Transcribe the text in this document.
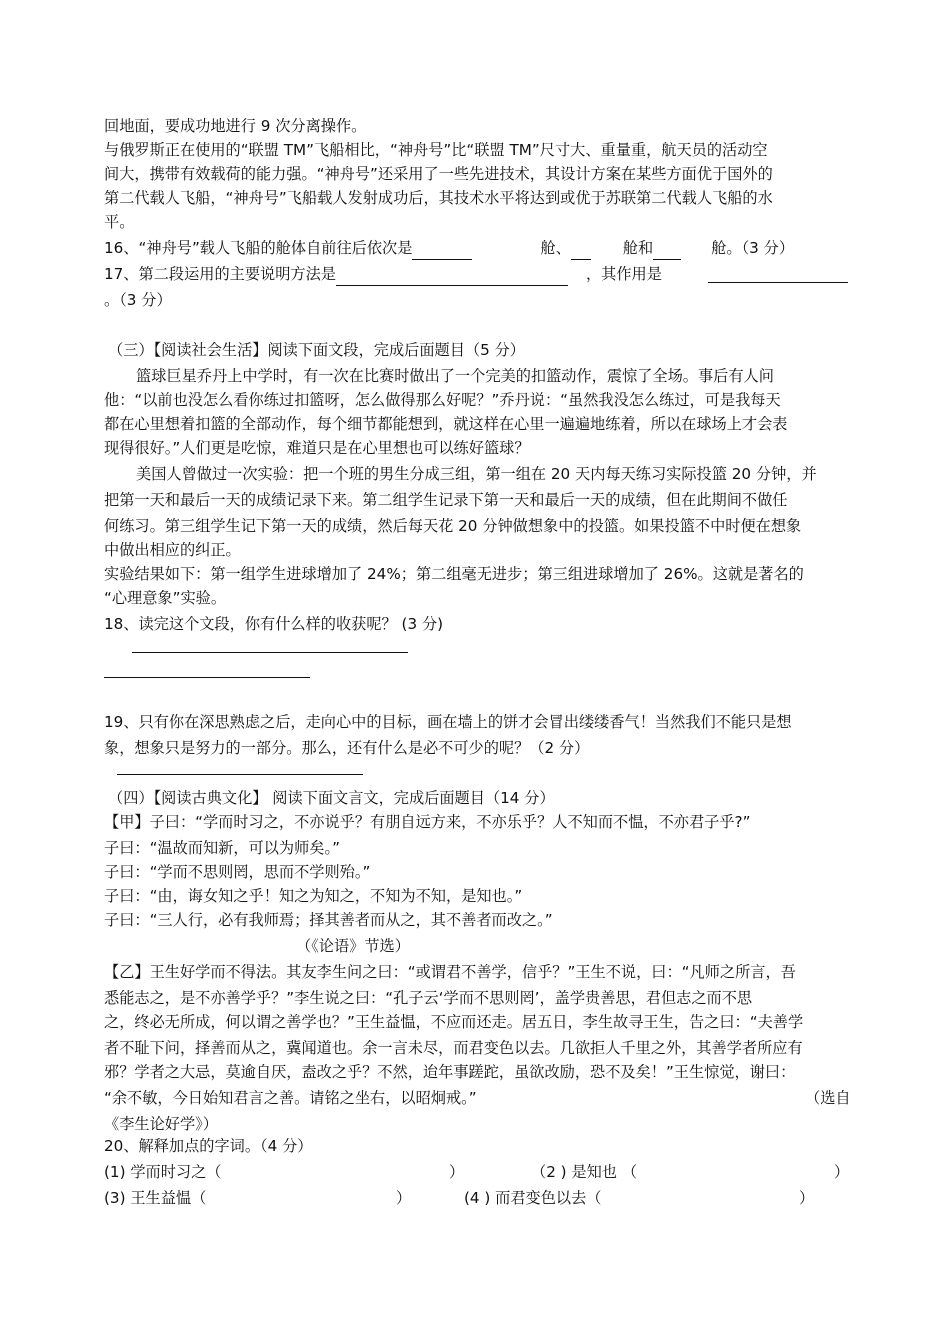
回地面，要成功地进行 9 次分离操作。
与俄罗斯正在使用的“联盟 TM”飞船相比，“神舟号”比“联盟 TM”尺寸大、重量重，航天员的活动空
间大，携带有效载荷的能力强。“神舟号”还采用了一些先进技术，其设计方案在某些方面优于国外的
第二代载人飞船，“神舟号”飞船载人发射成功后，其技术水平将达到或优于苏联第二代载人飞船的水
平。
16、“神舟号”载人飞船的舱体自前往后依次是	舱、	舱和	舱。（3 分）
17、第二段运用的主要说明方法是	，其作用是
。（3 分）
（三）【阅读社会生活】阅读下面文段，完成后面题目（5 分）
篮球巨星乔丹上中学时，有一次在比赛时做出了一个完美的扣篮动作，震惊了全场。事后有人问
他：“以前也没怎么看你练过扣篮呀，怎么做得那么好呢？”乔丹说：“虽然我没怎么练过，可是我每天
都在心里想着扣篮的全部动作，每个细节都能想到，就这样在心里一遍遍地练着，所以在球场上才会表
现得很好。”人们更是吃惊，难道只是在心里想也可以练好篮球？
美国人曾做过一次实验：把一个班的男生分成三组，第一组在 20 天内每天练习实际投篮 20 分钟，并
把第一天和最后一天的成绩记录下来。第二组学生记录下第一天和最后一天的成绩，但在此期间不做任
何练习。第三组学生记下第一天的成绩，然后每天花 20 分钟做想象中的投篮。如果投篮不中时便在想象
中做出相应的纠正。
实验结果如下：第一组学生进球增加了 24%；第二组毫无进步；第三组进球增加了 26%。这就是著名的
“心理意象”实验。
18、读完这个文段，你有什么样的收获呢？ (3 分)
19、只有你在深思熟虑之后，走向心中的目标，画在墙上的饼才会冒出缕缕香气！当然我们不能只是想
象，想象只是努力的一部分。那么，还有什么是必不可少的呢？（2 分）
（四）【阅读古典文化】 阅读下面文言文，完成后面题目（14 分）
【甲】子曰：“学而时习之，不亦说乎？有朋自远方来，不亦乐乎？人不知而不愠，不亦君子乎?”
子曰：“温故而知新，可以为师矣。”
子曰：“学而不思则罔，思而不学则殆。”
子曰：“由，诲女知之乎！知之为知之，不知为不知，是知也。”
子曰：“三人行，必有我师焉；择其善者而从之，其不善者而改之。”
（《论语》节选）
【乙】王生好学而不得法。其友李生问之曰：“或谓君不善学，信乎？”王生不说，曰：“凡师之所言，吾
悉能志之，是不亦善学乎？”李生说之曰：“孔子云‘学而不思则罔’，盖学贵善思，君但志之而不思
之，终必无所成，何以谓之善学也？”王生益愠，不应而还走。居五日，李生故寻王生，告之曰：“夫善学
者不耻下问，择善而从之，冀闻道也。余一言未尽，而君变色以去。几欲拒人千里之外，其善学者所应有
邪？学者之大忌，莫逾自厌，盍改之乎？不然，迨年事蹉跎，虽欲改励，恐不及矣！”王生惊觉，谢曰：
“余不敏，今日始知君言之善。请铭之坐右，以昭炯戒。”	（选自
《李生论好学》）
20、解释加点的字词。（4 分）
(1) 学而时习之（	）	（2 ) 是知也 （	）
(3) 王生益愠（	）	(4 ) 而君变色以去（	）
